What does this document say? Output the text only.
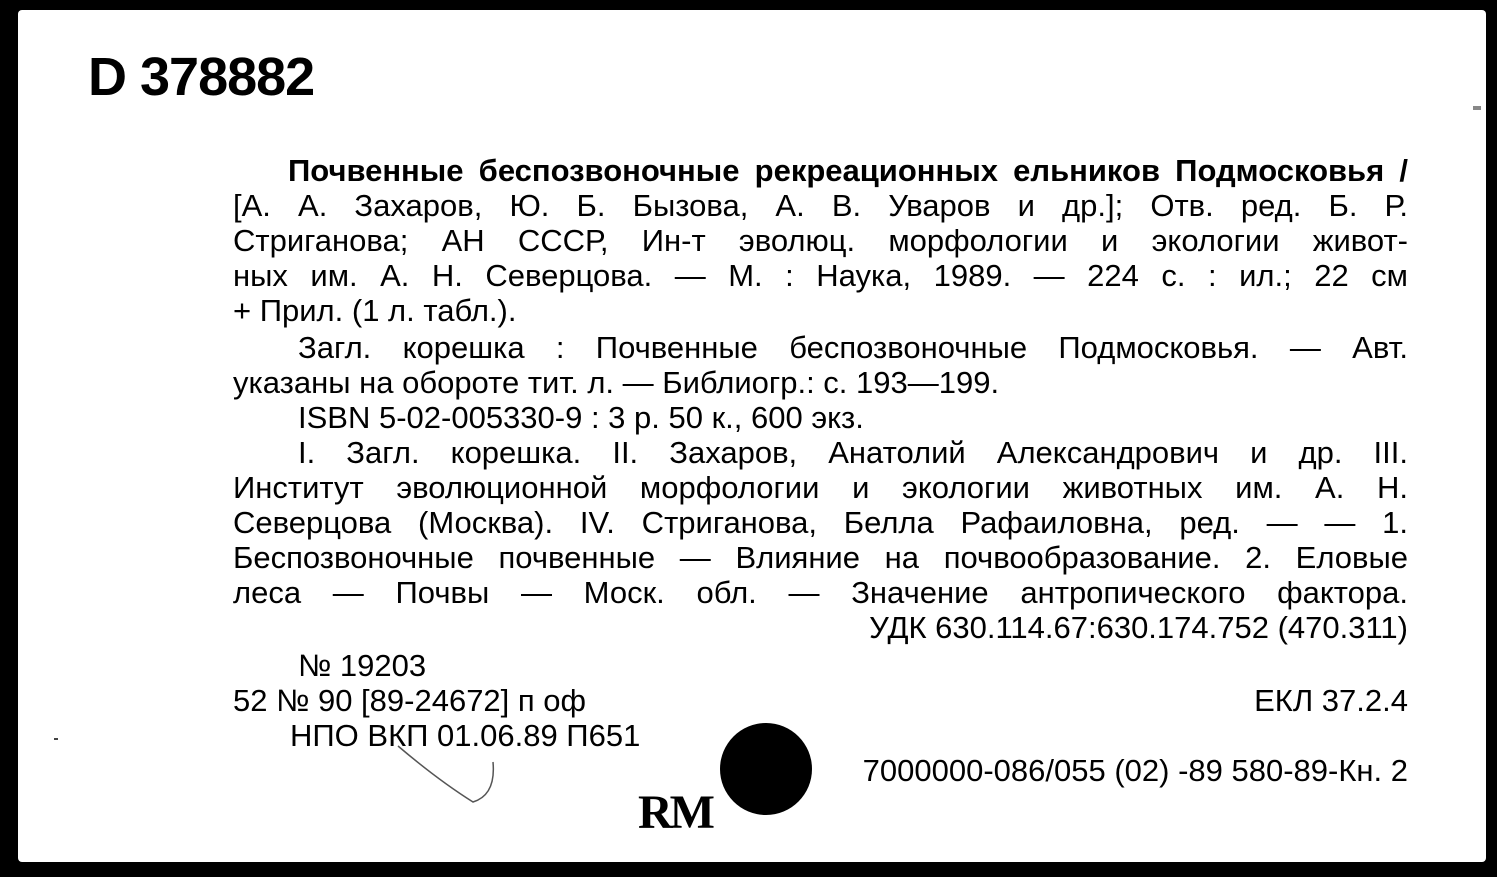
D 378882
Почвенные беспозвоночные рекреационных ельников Подмосковья /
[А. А. Захаров, Ю. Б. Бызова, А. В. Уваров и др.]; Отв. ред. Б. Р.
Стриганова; АН СССР, Ин-т эволюц. морфологии и экологии живот-
ных им. А. Н. Северцова. — М. : Наука, 1989. — 224 с. : ил.; 22 см
+ Прил. (1 л. табл.).
Загл. корешка : Почвенные беспозвоночные Подмосковья. — Авт.
указаны на обороте тит. л. — Библиогр.: с. 193—199.
ISBN 5-02-005330-9 : 3 р. 50 к., 600 экз.
I. Загл. корешка. II. Захаров, Анатолий Александрович и др. III.
Институт эволюционной морфологии и экологии животных им. А. Н.
Северцова (Москва). IV. Стриганова, Белла Рафаиловна, ред. — — 1.
Беспозвоночные почвенные — Влияние на почвообразование. 2. Еловые
леса — Почвы — Моск. обл. — Значение антропического фактора.
УДК 630.114.67:630.174.752 (470.311)
№ 19203
52 № 90 [89-24672] п оф
НПО ВКП 01.06.89 П651
ЕКЛ 37.2.4
7000000-086/055 (02) -89 580-89-Кн. 2
RM
